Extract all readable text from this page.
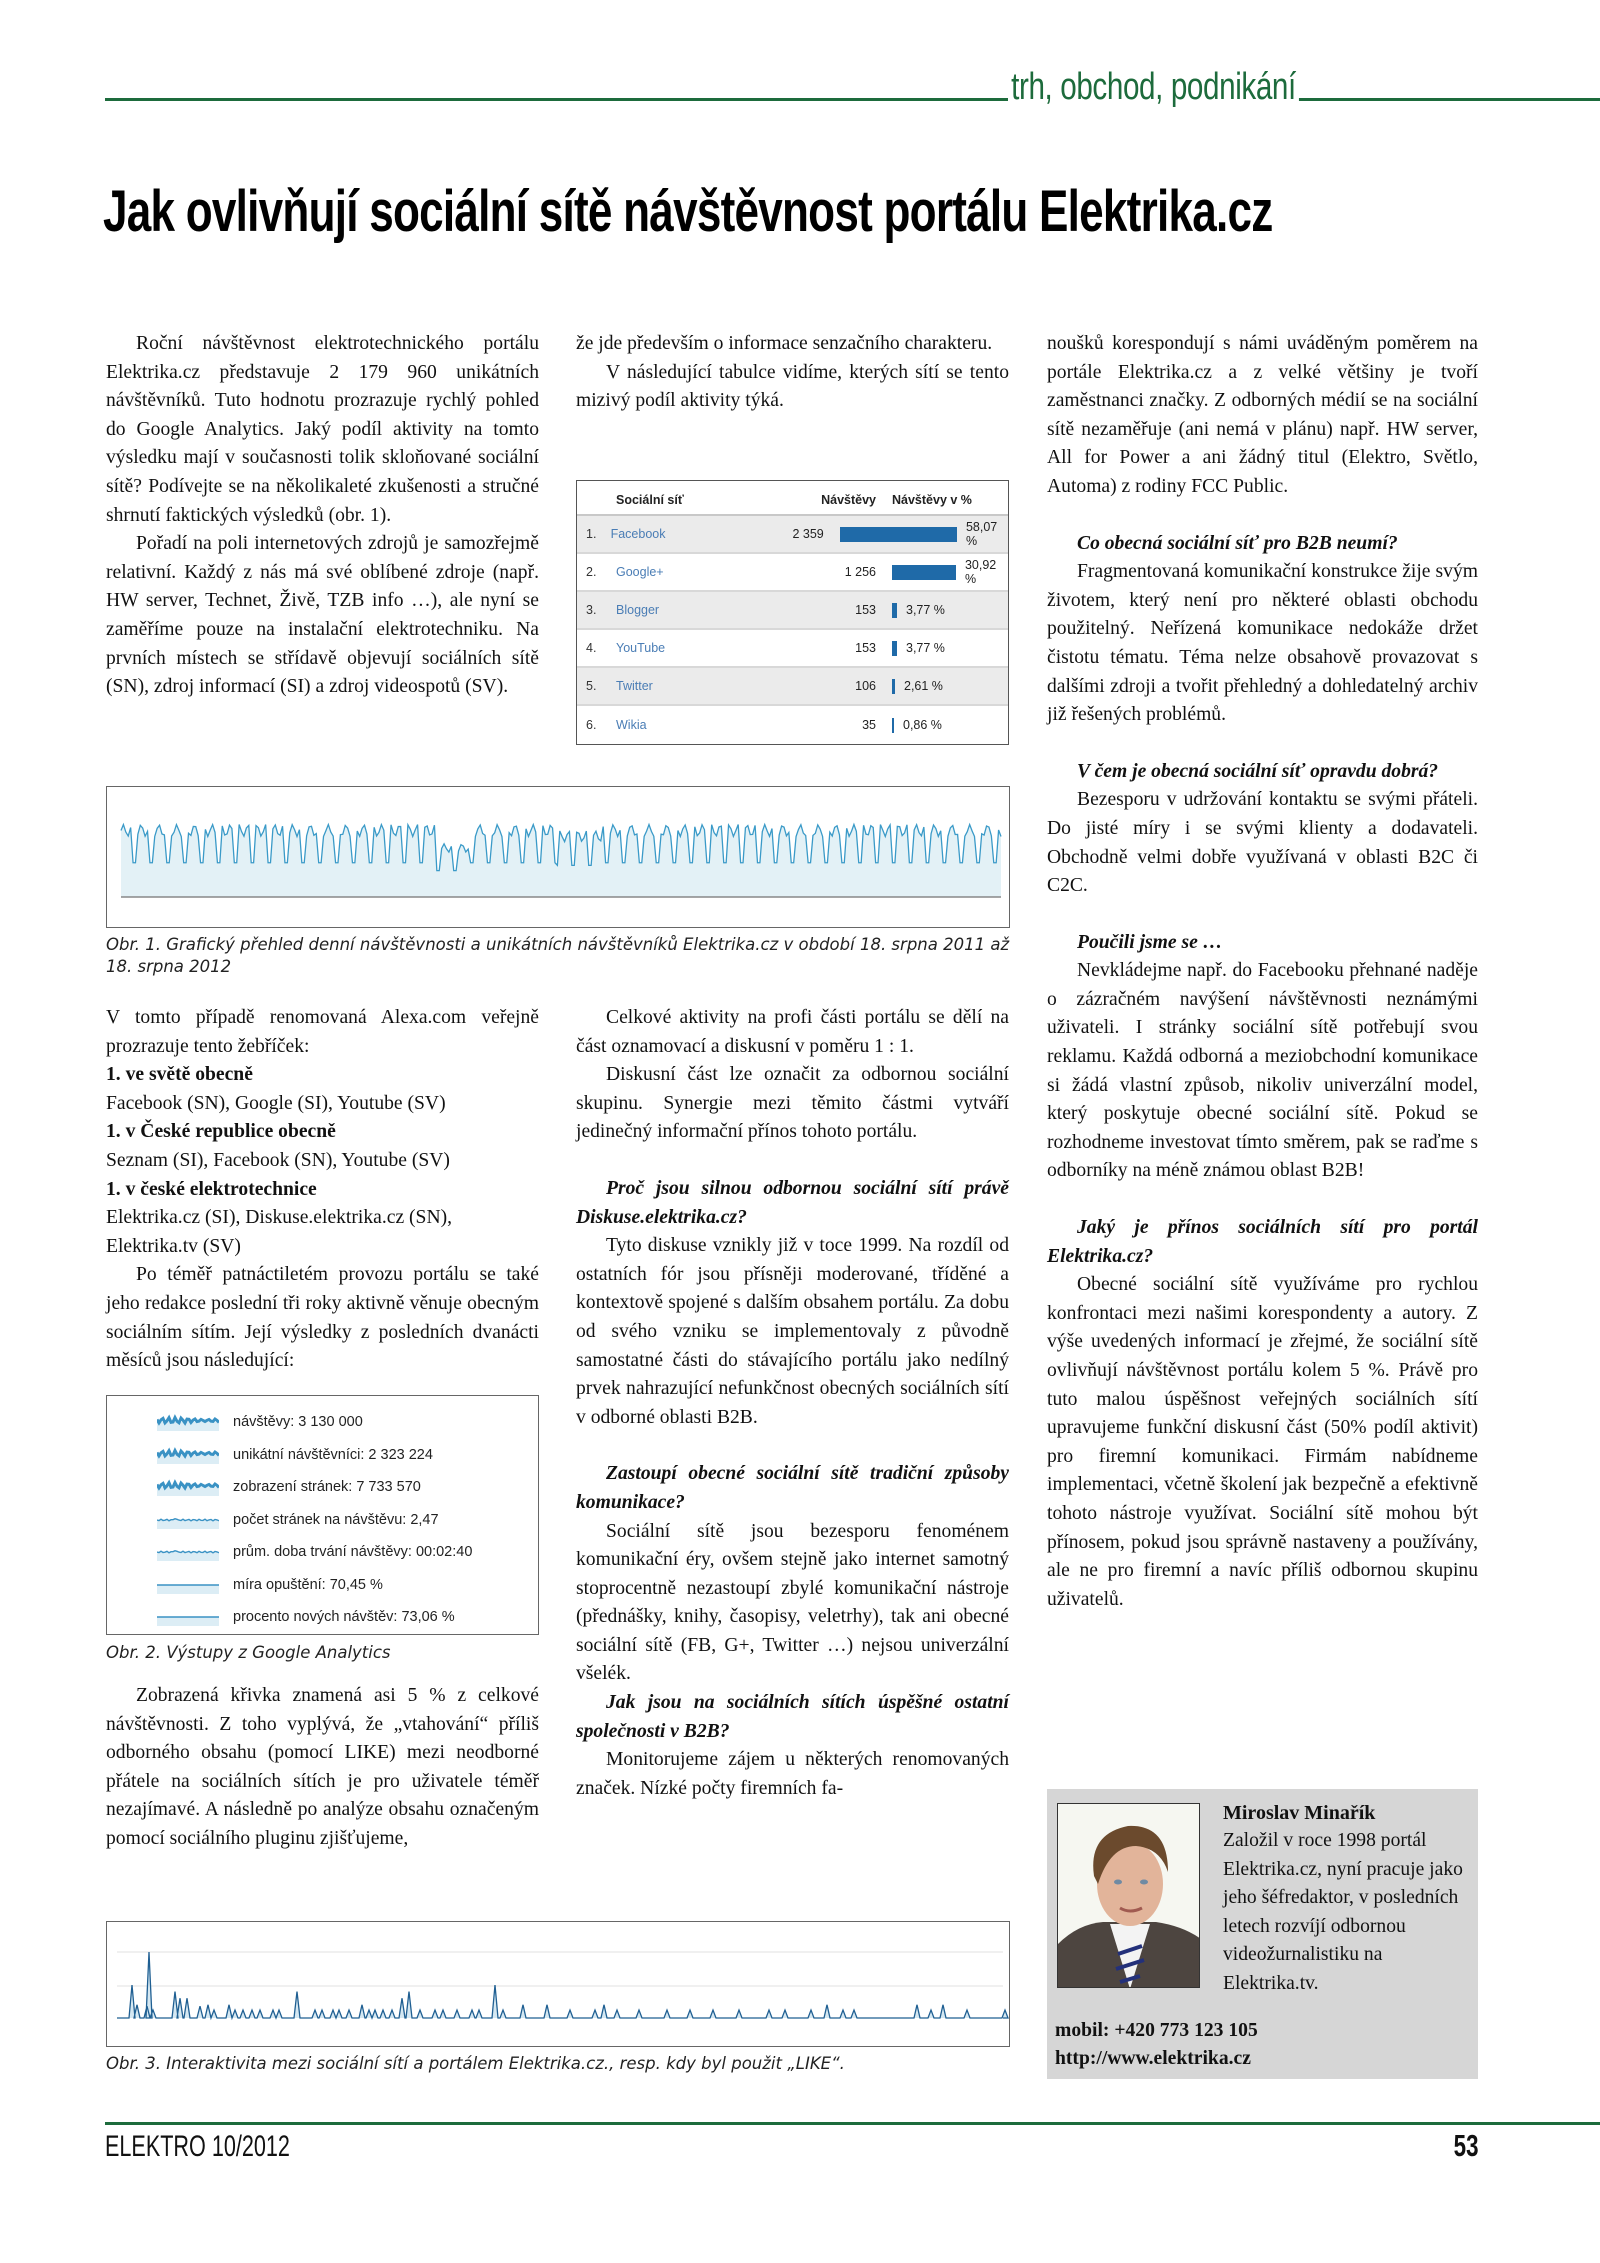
trh, obchod, podnikání
Jak ovlivňují sociální sítě návštěvnost portálu Elektrika.cz

Roční návštěvnost elektrotechnického portálu Elektrika.cz představuje 2 179 960 unikátních návštěvníků. Tuto hodnotu prozrazuje rychlý pohled do Google Analytics. Jaký podíl aktivity na tomto výsledku mají v současnosti tolik skloňované sociální sítě? Podívejte se na několikaleté zkušenosti a stručné shrnutí faktických výsledků (obr. 1).

Pořadí na poli internetových zdrojů je samozřejmě relativní. Každý z nás má své oblíbené zdroje (např. HW server, Technet, Živě, TZB info …), ale nyní se zaměříme pouze na instalační elektrotechniku. Na prvních místech se střídavě objevují sociálních sítě (SN), zdroj informací (SI) a zdroj videospotů (SV).

že jde především o informace senzačního charakteru.

V následující tabulce vidíme, kterých sítí se tento mizivý podíl aktivity týká.

Sociální síť	Návštěvy	Návštěvy v %
1.	Facebook	2 359	58,07 %
2.	Google+	1 256	30,92 %
3.	Blogger	153 3,77 %
4.	YouTube	153 3,77 %
5.	Twitter	106 2,61 %
6.	Wikia	35 0,86 %

noušků korespondují s námi uváděným poměrem na portále Elektrika.cz a z velké většiny je tvoří zaměstnanci značky. Z odborných médií se na sociální sítě nezaměřuje (ani nemá v plánu) např. HW server, All for Power a ani žádný titul (Elektro, Světlo, Automa) z rodiny FCC Public.

Co obecná sociální síť pro B2B neumí?

Fragmentovaná komunikační konstrukce žije svým životem, který není pro některé oblasti obchodu použitelný. Neřízená komunikace nedokáže držet čistotu tématu. Téma nelze obsahově provazovat s dalšími zdroji a tvořit přehledný a dohledatelný archiv již řešených problémů.

V čem je obecná sociální síť opravdu dobrá?

Bezesporu v udržování kontaktu se svými přáteli. Do jisté míry i se svými klienty a dodavateli. Obchodně velmi dobře využívaná v oblasti B2C či C2C.

Poučili jsme se …

Nevkládejme např. do Facebooku přehnané naděje o zázračném navýšení návštěvnosti neznámými uživateli. I stránky sociální sítě potřebují svou reklamu. Každá odborná a meziobchodní komunikace si žádá vlastní způsob, nikoliv univerzální model, který poskytuje obecné sociální sítě. Pokud se rozhodneme investovat tímto směrem, pak se raďme s odborníky na méně známou oblast B2B!

Jaký je přínos sociálních sítí pro portál Elektrika.cz?

Obecné sociální sítě využíváme pro rychlou konfrontaci mezi našimi korespondenty a autory. Z výše uvedených informací je zřejmé, že sociální sítě ovlivňují návštěvnost portálu kolem 5 %. Právě pro tuto malou úspěšnost veřejných sociálních sítí upravujeme funkční diskusní část (50% podíl aktivit) pro firemní komunikaci. Firmám nabídneme implementaci, včetně školení jak bezpečně a efektivně tohoto nástroje využívat. Sociální sítě mohou být přínosem, pokud jsou správně nastaveny a používány, ale ne pro firemní a navíc příliš odbornou skupinu uživatelů.

Obr. 1. Grafický přehled denní návštěvnosti a unikátních návštěvníků Elektrika.cz v období 18. srpna 2011 až 18. srpna 2012

V tomto případě renomovaná Alexa.com veřejně prozrazuje tento žebříček:

1. ve světě obecně

Facebook (SN), Google (SI), Youtube (SV)

1. v České republice obecně

Seznam (SI), Facebook (SN), Youtube (SV)

1. v české elektrotechnice

Elektrika.cz (SI), Diskuse.elektrika.cz (SN), Elektrika.tv (SV)

Po téměř patnáctiletém provozu portálu se také jeho redakce poslední tři roky aktivně věnuje obecným sociálním sítím. Její výsledky z posledních dvanácti měsíců jsou následující:

návštěvy: 3 130 000
unikátní návštěvníci: 2 323 224
zobrazení stránek: 7 733 570
počet stránek na návštěvu: 2,47
prům. doba trvání návštěvy: 00:02:40
míra opuštění: 70,45 %
procento nových návštěv: 73,06 %
Obr. 2. Výstupy z Google Analytics

Zobrazená křivka znamená asi 5 % z celkové návštěvnosti. Z toho vyplývá, že „vtahování“ příliš odborného obsahu (pomocí LIKE) mezi neodborné přátele na sociálních sítích je pro uživatele téměř nezajímavé. A následně po analýze obsahu označeným pomocí sociálního pluginu zjišťujeme,

Celkové aktivity na profi části portálu se dělí na část oznamovací a diskusní v poměru 1 : 1.

Diskusní část lze označit za odbornou sociální skupinu. Synergie mezi těmito částmi vytváří jedinečný informační přínos tohoto portálu.

Proč jsou silnou odbornou sociální sítí právě Diskuse.elektrika.cz?

Tyto diskuse vznikly již v toce 1999. Na rozdíl od ostatních fór jsou přísněji moderované, tříděné a kontextově spojené s dalším obsahem portálu. Za dobu od svého vzniku se implementovaly z původně samostatné části do stávajícího portálu jako nedílný prvek nahrazující nefunkčnost obecných sociálních sítí v odborné oblasti B2B.

Zastoupí obecné sociální sítě tradiční způsoby komunikace?

Sociální sítě jsou bezesporu fenoménem komunikační éry, ovšem stejně jako internet samotný stoprocentně nezastoupí zbylé komunikační nástroje (přednášky, knihy, časopisy, veletrhy), tak ani obecné sociální sítě (FB, G+, Twitter …) nejsou univerzální všelék.

Jak jsou na sociálních sítích úspěšné ostatní společnosti v B2B?

Monitorujeme zájem u některých renomovaných značek. Nízké počty firemních fa-

Obr. 3. Interaktivita mezi sociální sítí a portálem Elektrika.cz., resp. kdy byl použit „LIKE“.
Miroslav Minařík
Založil v roce 1998 portál Elektrika.cz, nyní pracuje jako jeho šéfredaktor, v posledních letech rozvíjí odbornou videožurnalistiku na Elektrika.tv.
mobil: +420 773 123 105
http://www.elektrika.cz
ELEKTRO 10/2012	53
